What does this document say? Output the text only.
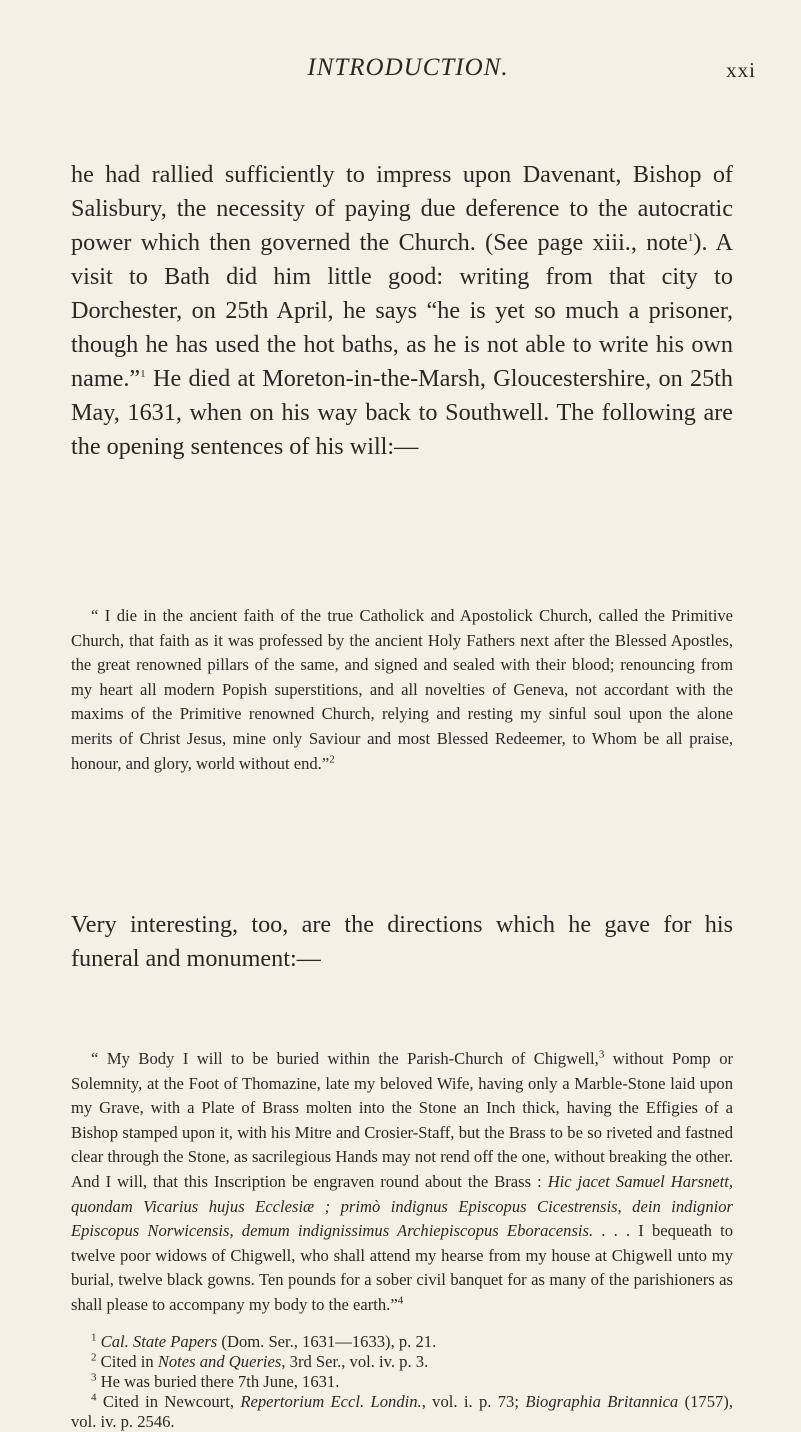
INTRODUCTION.	xxi

he had rallied sufficiently to impress upon Davenant, Bishop of Salisbury, the necessity of paying due deference to the autocratic power which then governed the Church. (See page xiii., note$^1$). A visit to Bath did him little good: writing from that city to Dorchester, on 25th April, he says “he is yet so much a prisoner, though he has used the hot baths, as he is not able to write his own name.”$^1$ He died at Moreton-in-the-Marsh, Gloucestershire, on 25th May, 1631, when on his way back to Southwell. The following are the opening sentences of his will:—

“ I die in the ancient faith of the true Catholick and Apostolick Church, called the Primitive Church, that faith as it was professed by the ancient Holy Fathers next after the Blessed Apostles, the great renowned pillars of the same, and signed and sealed with their blood; renouncing from my heart all modern Popish superstitions, and all novelties of Geneva, not accordant with the maxims of the Primitive renowned Church, relying and resting my sinful soul upon the alone merits of Christ Jesus, mine only Saviour and most Blessed Redeemer, to Whom be all praise, honour, and glory, world without end.”$^2$

Very interesting, too, are the directions which he gave for his funeral and monument:—

“ My Body I will to be buried within the Parish-Church of Chigwell,$^3$ without Pomp or Solemnity, at the Foot of Thomazine, late my beloved Wife, having only a Marble-Stone laid upon my Grave, with a Plate of Brass molten into the Stone an Inch thick, having the Effigies of a Bishop stamped upon it, with his Mitre and Crosier-Staff, but the Brass to be so riveted and fastned clear through the Stone, as sacrilegious Hands may not rend off the one, without breaking the other. And I will, that this Inscription be engraven round about the Brass : Hic jacet Samuel Harsnett, quondam Vicarius hujus Ecclesiæ ; primò indignus Episcopus Cicestrensis, dein indignior Episcopus Norwicensis, demum indignissimus Archiepiscopus Eboracensis. . . . I bequeath to twelve poor widows of Chigwell, who shall attend my hearse from my house at Chigwell unto my burial, twelve black gowns. Ten pounds for a sober civil banquet for as many of the parishioners as shall please to accompany my body to the earth.”$^4$

$^1$ Cal. State Papers (Dom. Ser., 1631—1633), p. 21.
$^2$ Cited in Notes and Queries, 3rd Ser., vol. iv. p. 3.
$^3$ He was buried there 7th June, 1631.
$^4$ Cited in Newcourt, Repertorium Eccl. Londin., vol. i. p. 73; Biographia Britannica (1757), vol. iv. p. 2546.
